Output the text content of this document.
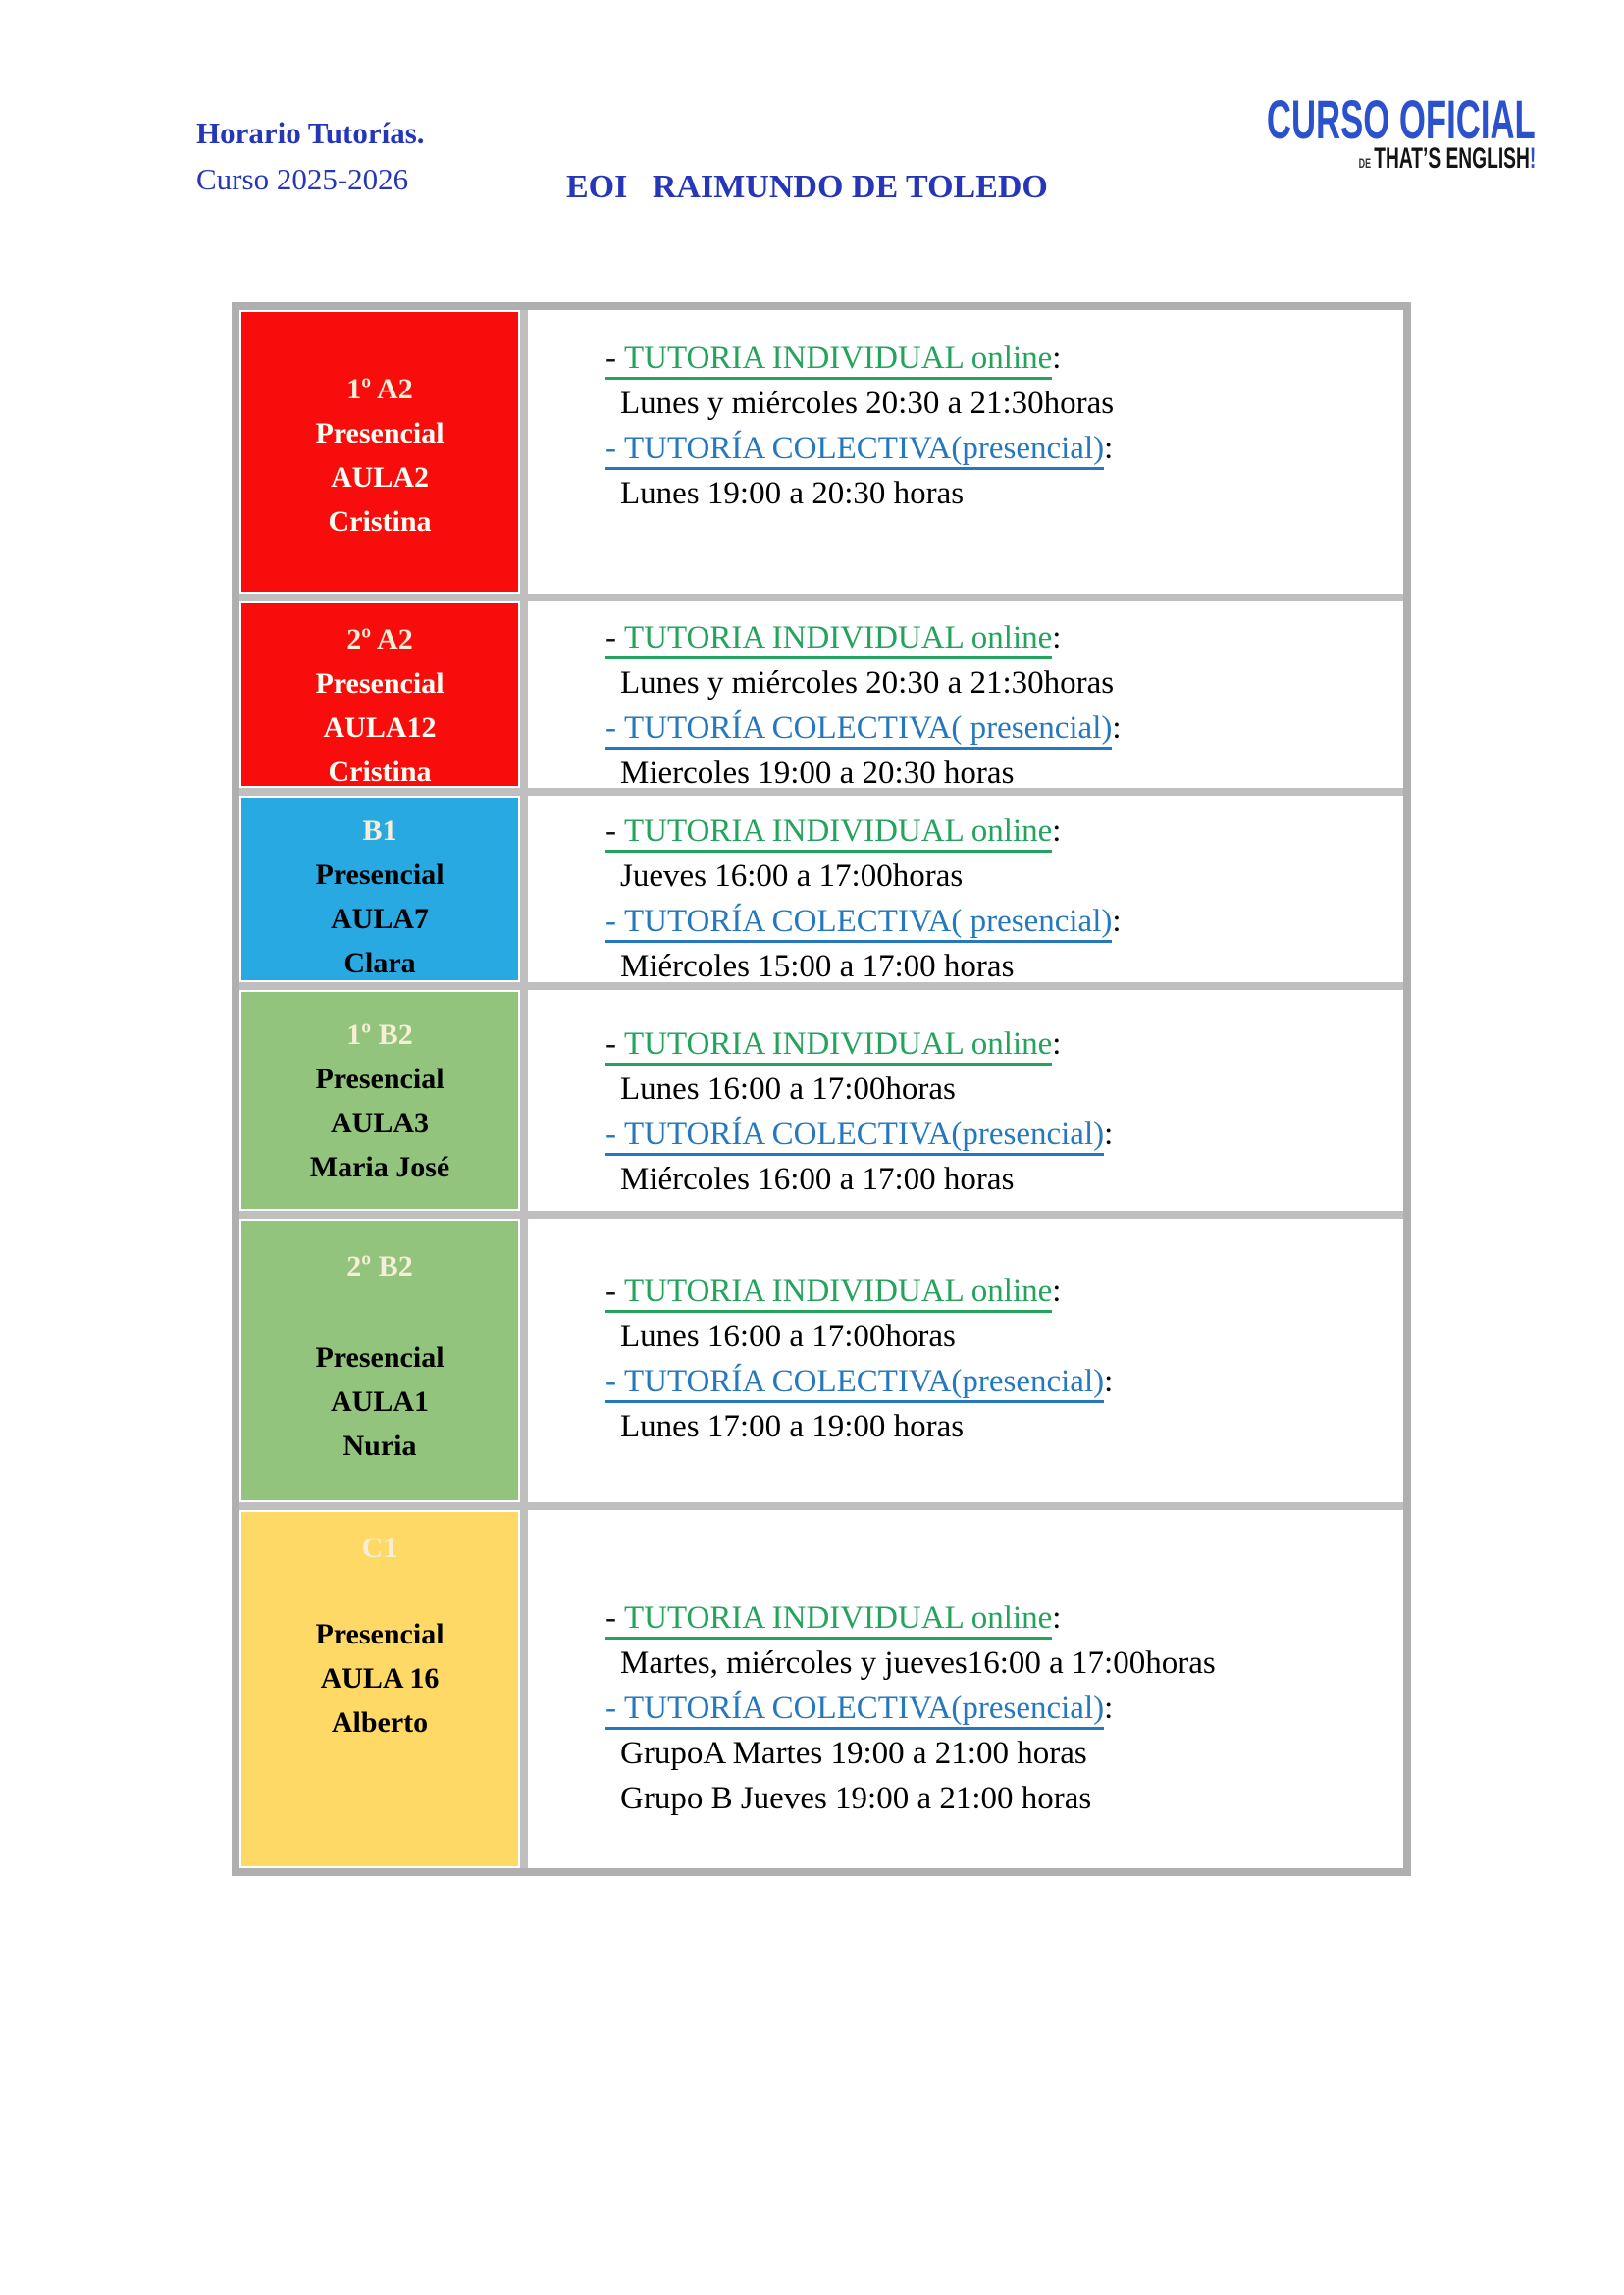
Horario Tutorías.
Curso 2025-2026	EOI   RAIMUNDO DE TOLEDO
CURSO OFICIAL
DE THAT’S ENGLISH!
1º A2
Presencial
AULA2
Cristina
- TUTORIA INDIVIDUAL online:
Lunes y miércoles 20:30 a 21:30horas
- TUTORÍA COLECTIVA(presencial):
Lunes 19:00 a 20:30 horas
2º A2
Presencial
AULA12
Cristina
- TUTORIA INDIVIDUAL online:
Lunes y miércoles 20:30 a 21:30horas
- TUTORÍA COLECTIVA( presencial):
Miercoles 19:00 a 20:30 horas
B1
Presencial
AULA7
Clara
- TUTORIA INDIVIDUAL online:
Jueves 16:00 a 17:00horas
- TUTORÍA COLECTIVA( presencial):
Miércoles 15:00 a 17:00 horas
1º B2
Presencial
AULA3
Maria José
- TUTORIA INDIVIDUAL online:
Lunes 16:00 a 17:00horas
- TUTORÍA COLECTIVA(presencial):
Miércoles 16:00 a 17:00 horas
2º B2
Presencial
AULA1
Nuria
- TUTORIA INDIVIDUAL online:
Lunes 16:00 a 17:00horas
- TUTORÍA COLECTIVA(presencial):
Lunes 17:00 a 19:00 horas
C1
Presencial
AULA 16
Alberto
- TUTORIA INDIVIDUAL online:
Martes, miércoles y jueves16:00 a 17:00horas
- TUTORÍA COLECTIVA(presencial):
GrupoA Martes 19:00 a 21:00 horas
Grupo B Jueves 19:00 a 21:00 horas
